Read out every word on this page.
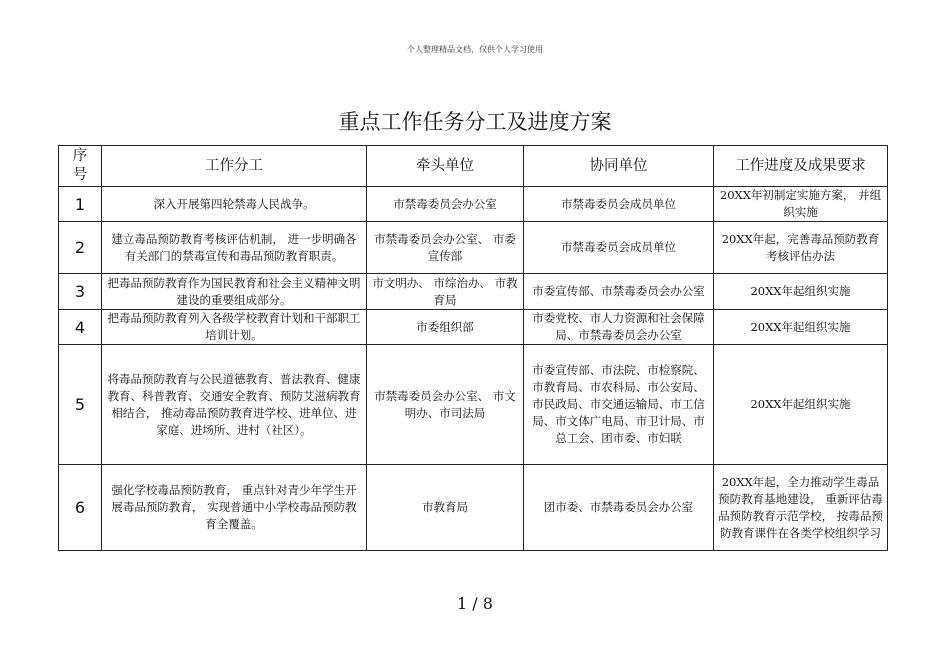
个人整理精品文档，仅供个人学习使用
重点工作任务分工及进度方案
序号	工作分工	牵头单位	协同单位	工作进度及成果要求
1	深入开展第四轮禁毒人民战争。	市禁毒委员会办公室	市禁毒委员会成员单位	20XX年初制定实施方案， 并组织实施
2	建立毒品预防教育考核评估机制， 进一步明确各有关部门的禁毒宣传和毒品预防教育职责。	市禁毒委员会办公室、 市委宣传部	市禁毒委员会成员单位	20XX年起，完善毒品预防教育考核评估办法
3	把毒品预防教育作为国民教育和社会主义精神文明建设的重要组成部分。	市文明办、 市综治办、 市教育局	市委宣传部、市禁毒委员会办公室	20XX年起组织实施
4	把毒品预防教育列入各级学校教育计划和干部职工培训计划。	市委组织部	市委党校、市人力资源和社会保障局、市禁毒委员会办公室	20XX年起组织实施
5	将毒品预防教育与公民道德教育、普法教育、健康教育、科普教育、交通安全教育、预防艾滋病教育相结合， 推动毒品预防教育进学校、进单位、进家庭、进场所、进村（社区）。	市禁毒委员会办公室、 市文明办、市司法局	市委宣传部、市法院、市检察院、市教育局、市农科局、市公安局、市民政局、市交通运输局、市工信局、市文体广电局、市卫计局、市总工会、团市委、市妇联	20XX年起组织实施
6	强化学校毒品预防教育， 重点针对青少年学生开展毒品预防教育， 实现普通中小学校毒品预防教育全覆盖。	市教育局	团市委、市禁毒委员会办公室	20XX年起，全力推动学生毒品预防教育基地建设， 重新评估毒品预防教育示范学校， 按毒品预防教育课件在各类学校组织学习
1 / 8
